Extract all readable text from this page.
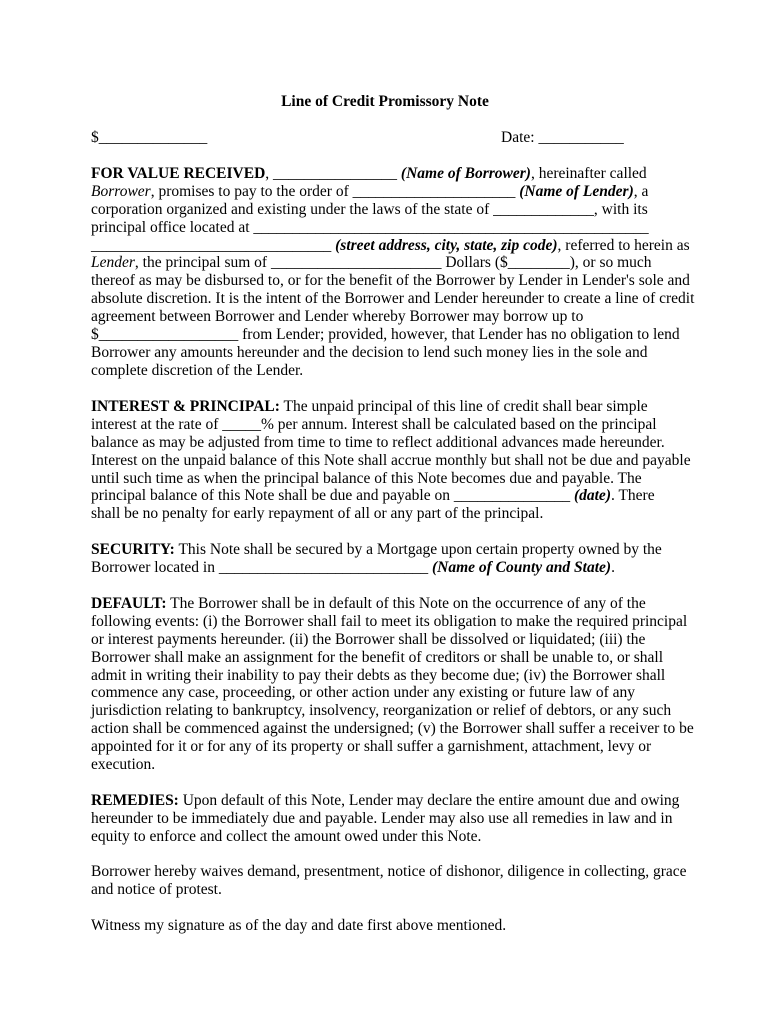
Line of Credit Promissory Note
$______________	Date: ___________
FOR VALUE RECEIVED, ________________ (Name of Borrower), hereinafter called
Borrower, promises to pay to the order of _____________________ (Name of Lender), a
corporation organized and existing under the laws of the state of _____________, with its
principal office located at ___________________________________________________
_______________________________ (street address, city, state, zip code), referred to herein as
Lender, the principal sum of ______________________ Dollars ($________), or so much
thereof as may be disbursed to, or for the benefit of the Borrower by Lender in Lender's sole and
absolute discretion. It is the intent of the Borrower and Lender hereunder to create a line of credit
agreement between Borrower and Lender whereby Borrower may borrow up to
$__________________ from Lender; provided, however, that Lender has no obligation to lend
Borrower any amounts hereunder and the decision to lend such money lies in the sole and
complete discretion of the Lender.
INTEREST & PRINCIPAL: The unpaid principal of this line of credit shall bear simple
interest at the rate of _____% per annum. Interest shall be calculated based on the principal
balance as may be adjusted from time to time to reflect additional advances made hereunder.
Interest on the unpaid balance of this Note shall accrue monthly but shall not be due and payable
until such time as when the principal balance of this Note becomes due and payable. The
principal balance of this Note shall be due and payable on _______________ (date). There
shall be no penalty for early repayment of all or any part of the principal.
SECURITY: This Note shall be secured by a Mortgage upon certain property owned by the
Borrower located in ___________________________ (Name of County and State).
DEFAULT: The Borrower shall be in default of this Note on the occurrence of any of the
following events: (i) the Borrower shall fail to meet its obligation to make the required principal
or interest payments hereunder. (ii) the Borrower shall be dissolved or liquidated; (iii) the
Borrower shall make an assignment for the benefit of creditors or shall be unable to, or shall
admit in writing their inability to pay their debts as they become due; (iv) the Borrower shall
commence any case, proceeding, or other action under any existing or future law of any
jurisdiction relating to bankruptcy, insolvency, reorganization or relief of debtors, or any such
action shall be commenced against the undersigned; (v) the Borrower shall suffer a receiver to be
appointed for it or for any of its property or shall suffer a garnishment, attachment, levy or
execution.
REMEDIES: Upon default of this Note, Lender may declare the entire amount due and owing
hereunder to be immediately due and payable. Lender may also use all remedies in law and in
equity to enforce and collect the amount owed under this Note.
Borrower hereby waives demand, presentment, notice of dishonor, diligence in collecting, grace
and notice of protest.
Witness my signature as of the day and date first above mentioned.
